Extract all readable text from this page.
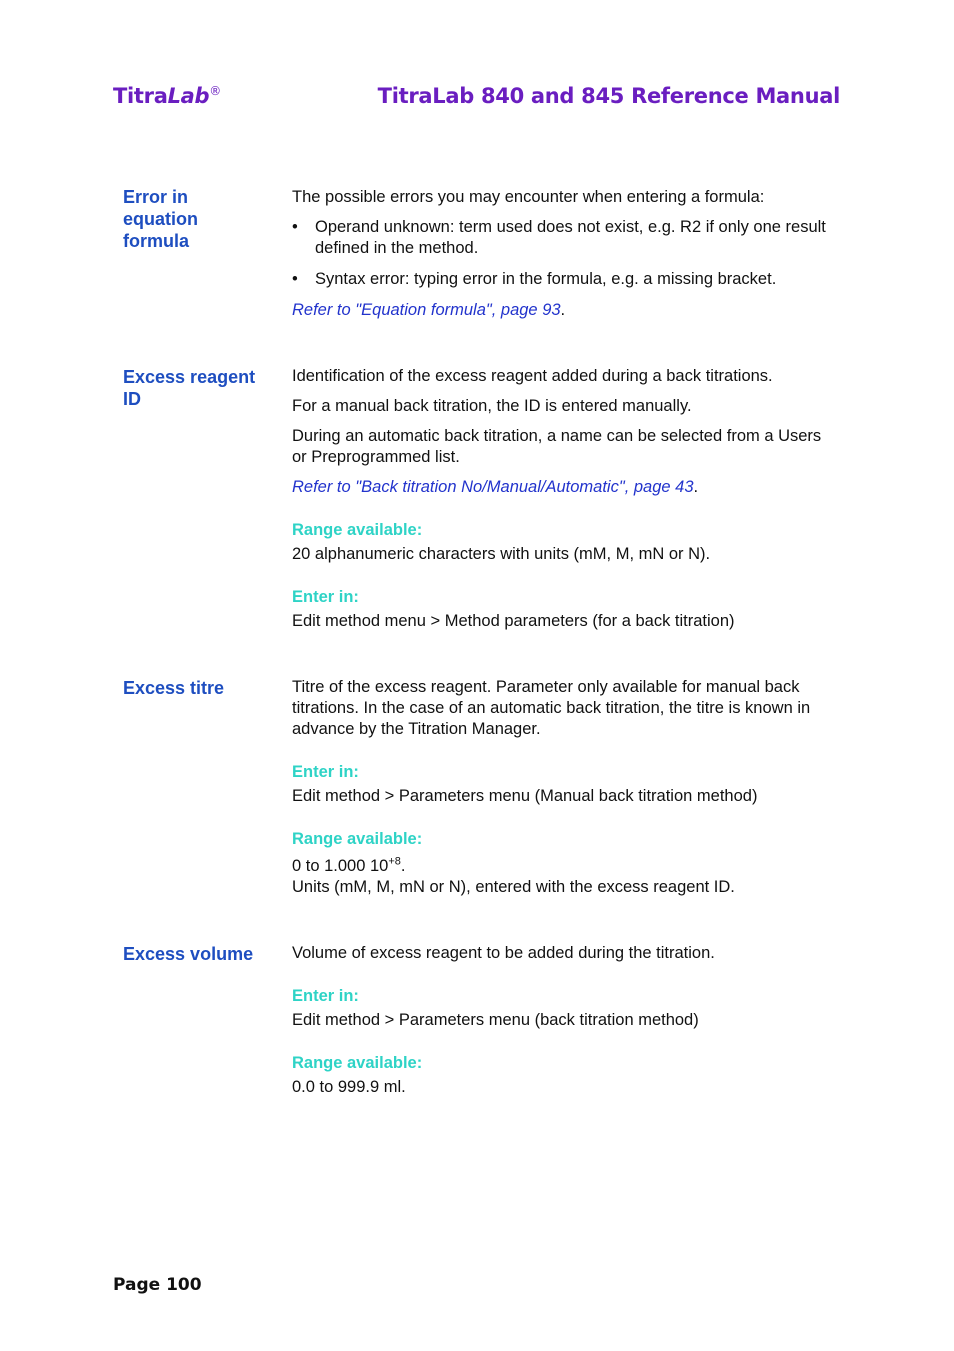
TitraLab®	TitraLab 840 and 845 Reference Manual
Error in equation formula

The possible errors you may encounter when entering a formula:

• Operand unknown: term used does not exist, e.g. R2 if only one result defined in the method.
• Syntax error: typing error in the formula, e.g. a missing bracket.

Refer to "Equation formula", page 93.

Excess reagent ID

Identification of the excess reagent added during a back titrations.

For a manual back titration, the ID is entered manually.

During an automatic back titration, a name can be selected from a Users or Preprogrammed list.

Refer to "Back titration No/Manual/Automatic", page 43.

Range available:
20 alphanumeric characters with units (mM, M, mN or N).
Enter in:
Edit method menu > Method parameters (for a back titration)
Excess titre	Titre of the excess reagent. Parameter only available for manual back titrations. In the case of an automatic back titration, the titre is known in advance by the Titration Manager.

Enter in:
Edit method > Parameters menu (Manual back titration method)
Range available:
0 to 1.000 $10^{+8}$.
Units (mM, M, mN or N), entered with the excess reagent ID.
Excess volume	Volume of excess reagent to be added during the titration.

Enter in:
Edit method > Parameters menu (back titration method)
Range available:
0.0 to 999.9 ml.
Page 100
